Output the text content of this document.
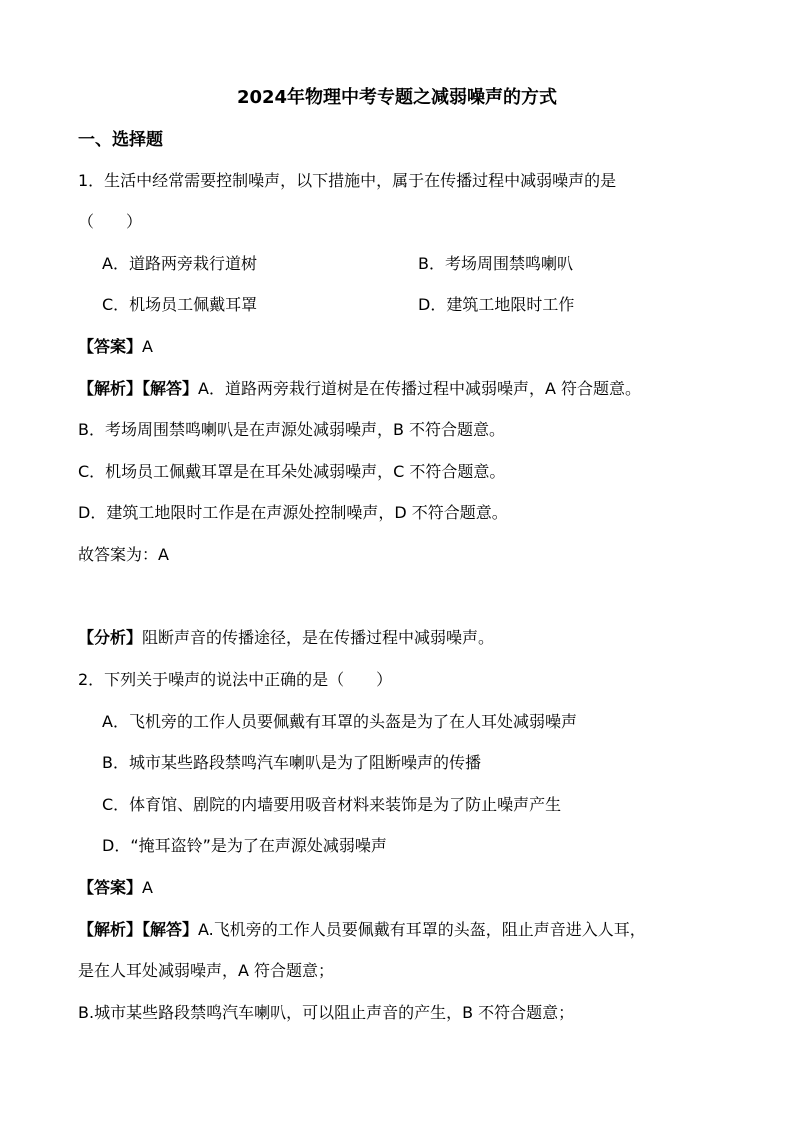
2024年物理中考专题之减弱噪声的方式
一、选择题
1．生活中经常需要控制噪声，以下措施中，属于在传播过程中减弱噪声的是
（　　）
A．道路两旁栽行道树	B．考场周围禁鸣喇叭
C．机场员工佩戴耳罩	D．建筑工地限时工作
【答案】A
【解析】【解答】A．道路两旁栽行道树是在传播过程中减弱噪声，A 符合题意。
B．考场周围禁鸣喇叭是在声源处减弱噪声，B 不符合题意。
C．机场员工佩戴耳罩是在耳朵处减弱噪声，C 不符合题意。
D．建筑工地限时工作是在声源处控制噪声，D 不符合题意。
故答案为：A
【分析】阻断声音的传播途径，是在传播过程中减弱噪声。
2．下列关于噪声的说法中正确的是（　　）
A．飞机旁的工作人员要佩戴有耳罩的头盔是为了在人耳处减弱噪声
B．城市某些路段禁鸣汽车喇叭是为了阻断噪声的传播
C．体育馆、剧院的内墙要用吸音材料来装饰是为了防止噪声产生
D．“掩耳盗铃”是为了在声源处减弱噪声
【答案】A
【解析】【解答】A.飞机旁的工作人员要佩戴有耳罩的头盔，阻止声音进入人耳，
是在人耳处减弱噪声，A 符合题意；
B.城市某些路段禁鸣汽车喇叭，可以阻止声音的产生，B 不符合题意；
